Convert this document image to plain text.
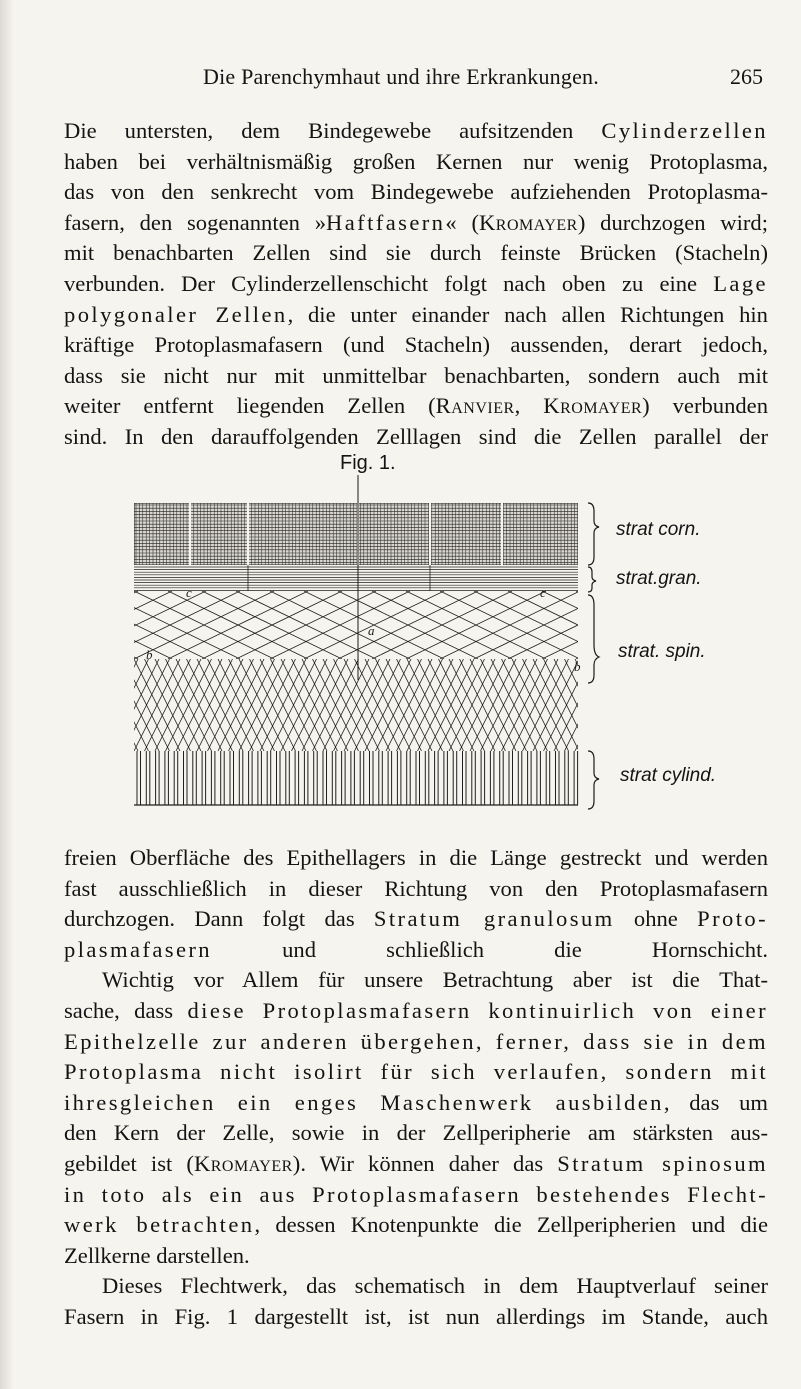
Die Parenchymhaut und ihre Erkrankungen.	265
Die untersten, dem Bindegewebe aufsitzenden Cylinderzellen
haben bei verhältnismäßig großen Kernen nur wenig Protoplasma,
das von den senkrecht vom Bindegewebe aufziehenden Protoplasma-
fasern, den sogenannten »Haftfasern« (Kromayer) durchzogen wird;
mit benachbarten Zellen sind sie durch feinste Brücken (Stacheln)
verbunden. Der Cylinderzellenschicht folgt nach oben zu eine Lage
polygonaler Zellen, die unter einander nach allen Richtungen hin
kräftige Protoplasmafasern (und Stacheln) aussenden, derart jedoch,
dass sie nicht nur mit unmittelbar benachbarten, sondern auch mit
weiter entfernt liegenden Zellen (Ranvier, Kromayer) verbunden
sind. In den darauffolgenden Zelllagen sind die Zellen parallel der
Fig. 1.
c	c
a
b
b
strat corn.
strat.gran.
strat. spin.
strat cylind.
freien Oberfläche des Epithellagers in die Länge gestreckt und werden
fast ausschließlich in dieser Richtung von den Protoplasmafasern
durchzogen. Dann folgt das Stratum granulosum ohne Proto-
plasmafasern und schließlich die Hornschicht.
Wichtig vor Allem für unsere Betrachtung aber ist die That-
sache, dass diese Protoplasmafasern kontinuirlich von einer
Epithelzelle zur anderen übergehen, ferner, dass sie in dem
Protoplasma nicht isolirt für sich verlaufen, sondern mit
ihresgleichen ein enges Maschenwerk ausbilden, das um
den Kern der Zelle, sowie in der Zellperipherie am stärksten aus-
gebildet ist (Kromayer). Wir können daher das Stratum spinosum
in toto als ein aus Protoplasmafasern bestehendes Flecht-
werk betrachten, dessen Knotenpunkte die Zellperipherien und die
Zellkerne darstellen.
Dieses Flechtwerk, das schematisch in dem Hauptverlauf seiner
Fasern in Fig. 1 dargestellt ist, ist nun allerdings im Stande, auch
